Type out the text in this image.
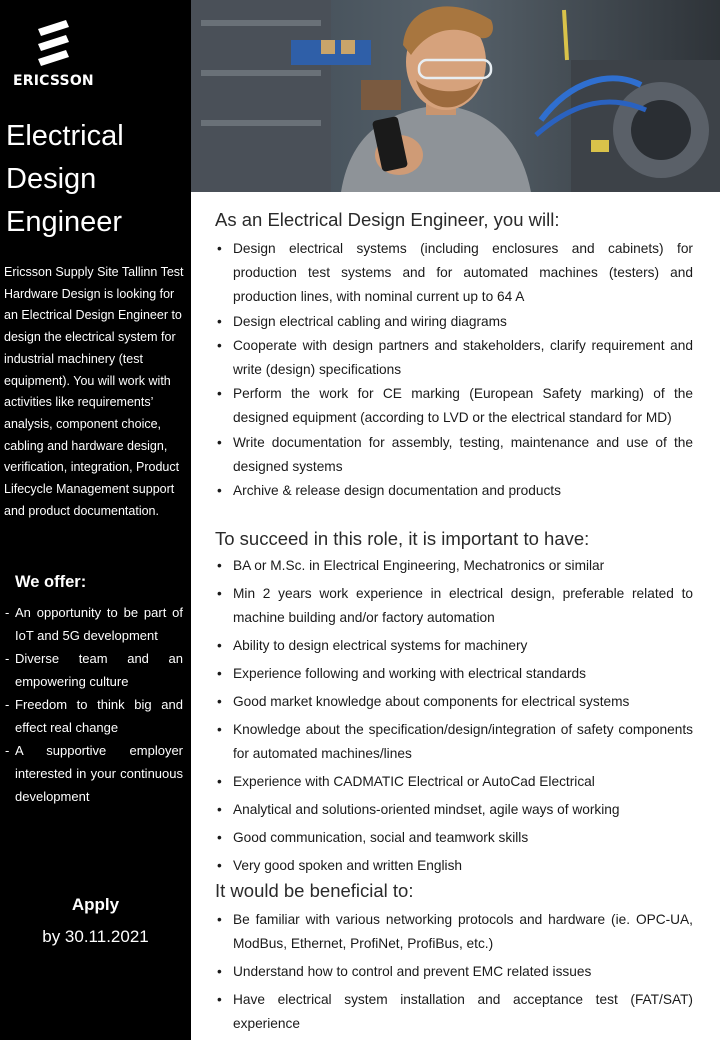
ERICSSON
Electrical
Design
Engineer
Ericsson Supply Site Tallinn Test Hardware Design is looking for an Electrical Design Engineer to design the electrical system for industrial machinery (test equipment). You will work with activities like requirements’ analysis, component choice, cabling and hardware design, verification, integration, Product Lifecycle Management support and product documentation.
We offer:
- An opportunity to be part of IoT and 5G development
- Diverse team and an empowering culture
- Freedom to think big and effect real change
- A supportive employer interested in your continuous development
Apply
by 30.11.2021
As an Electrical Design Engineer, you will:
• Design electrical systems (including enclosures and cabinets) for production test systems and for automated machines (testers) and production lines, with nominal current up to 64 A
• Design electrical cabling and wiring diagrams
• Cooperate with design partners and stakeholders, clarify requirement and write (design) specifications
• Perform the work for CE marking (European Safety marking) of the designed equipment (according to LVD or the electrical standard for MD)
• Write documentation for assembly, testing, maintenance and use of the designed systems
• Archive & release design documentation and products
To succeed in this role, it is important to have:
• BA or M.Sc. in Electrical Engineering, Mechatronics or similar
• Min 2 years work experience in electrical design, preferable related to machine building and/or factory automation
• Ability to design electrical systems for machinery
• Experience following and working with electrical standards
• Good market knowledge about components for electrical systems
• Knowledge about the specification/design/integration of safety components for automated machines/lines
• Experience with CADMATIC Electrical or AutoCad Electrical
• Analytical and solutions-oriented mindset, agile ways of working
• Good communication, social and teamwork skills
• Very good spoken and written English
It would be beneficial to:
• Be familiar with various networking protocols and hardware (ie. OPC-UA, ModBus, Ethernet, ProfiNet, ProfiBus, etc.)
• Understand how to control and prevent EMC related issues
• Have electrical system installation and acceptance test (FAT/SAT) experience
